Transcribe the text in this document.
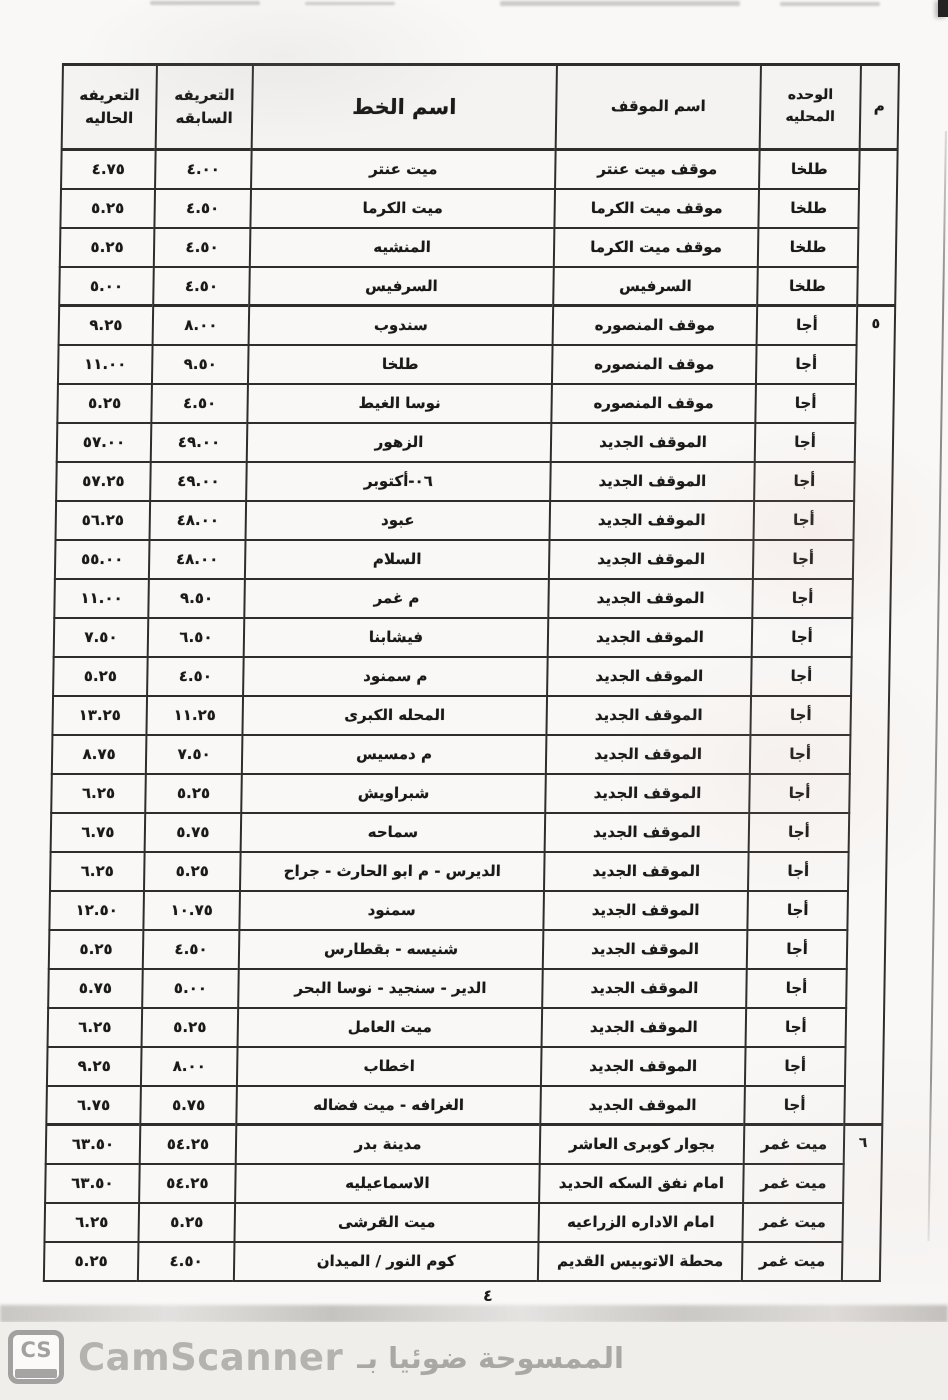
م	الوحده المحليه	اسم الموقف	اسم الخط	التعريفه السابقه	التعريفه الحاليه
	طلخا	موقف ميت عنتر	ميت عنتر	٤.٠٠	٤.٧٥
	طلخا	موقف ميت الكرما	ميت الكرما	٤.٥٠	٥.٢٥
	طلخا	موقف ميت الكرما	المنشيه	٤.٥٠	٥.٢٥
	طلخا	السرفيس	السرفيس	٤.٥٠	٥.٠٠
٥	أجا	موقف المنصوره	سندوب	٨.٠٠	٩.٢٥
	أجا	موقف المنصوره	طلخا	٩.٥٠	١١.٠٠
	أجا	موقف المنصوره	نوسا الغيط	٤.٥٠	٥.٢٥
	أجا	الموقف الجديد	الزهور	٤٩.٠٠	٥٧.٠٠
	أجا	الموقف الجديد	٠٦-أكتوبر	٤٩.٠٠	٥٧.٢٥
	أجا	الموقف الجديد	عبود	٤٨.٠٠	٥٦.٢٥
	أجا	الموقف الجديد	السلام	٤٨.٠٠	٥٥.٠٠
	أجا	الموقف الجديد	م غمر	٩.٥٠	١١.٠٠
	أجا	الموقف الجديد	فيشابنا	٦.٥٠	٧.٥٠
	أجا	الموقف الجديد	م سمنود	٤.٥٠	٥.٢٥
	أجا	الموقف الجديد	المحله الكبرى	١١.٢٥	١٣.٢٥
	أجا	الموقف الجديد	م دمسيس	٧.٥٠	٨.٧٥
	أجا	الموقف الجديد	شبراويش	٥.٢٥	٦.٢٥
	أجا	الموقف الجديد	سماحه	٥.٧٥	٦.٧٥
	أجا	الموقف الجديد	الديرس - م ابو الحارث - جراح	٥.٢٥	٦.٢٥
	أجا	الموقف الجديد	سمنود	١٠.٧٥	١٢.٥٠
	أجا	الموقف الجديد	شنيسه - بقطارس	٤.٥٠	٥.٢٥
	أجا	الموقف الجديد	الدير - سنجيد - نوسا البحر	٥.٠٠	٥.٧٥
	أجا	الموقف الجديد	ميت العامل	٥.٢٥	٦.٢٥
	أجا	الموقف الجديد	اخطاب	٨.٠٠	٩.٢٥
	أجا	الموقف الجديد	الغرافه - ميت فضاله	٥.٧٥	٦.٧٥
٦	ميت غمر	بجوار كوبرى العاشر	مدينة بدر	٥٤.٢٥	٦٣.٥٠
	ميت غمر	امام نفق السكه الحديد	الاسماعيليه	٥٤.٢٥	٦٣.٥٠
	ميت غمر	امام الاداره الزراعيه	ميت القرشى	٥.٢٥	٦.٢٥
	ميت غمر	محطة الاتوبيس القديم	كوم النور / الميدان	٤.٥٠	٥.٢٥
٤
CS CamScanner الممسوحة ضوئيا بـ
